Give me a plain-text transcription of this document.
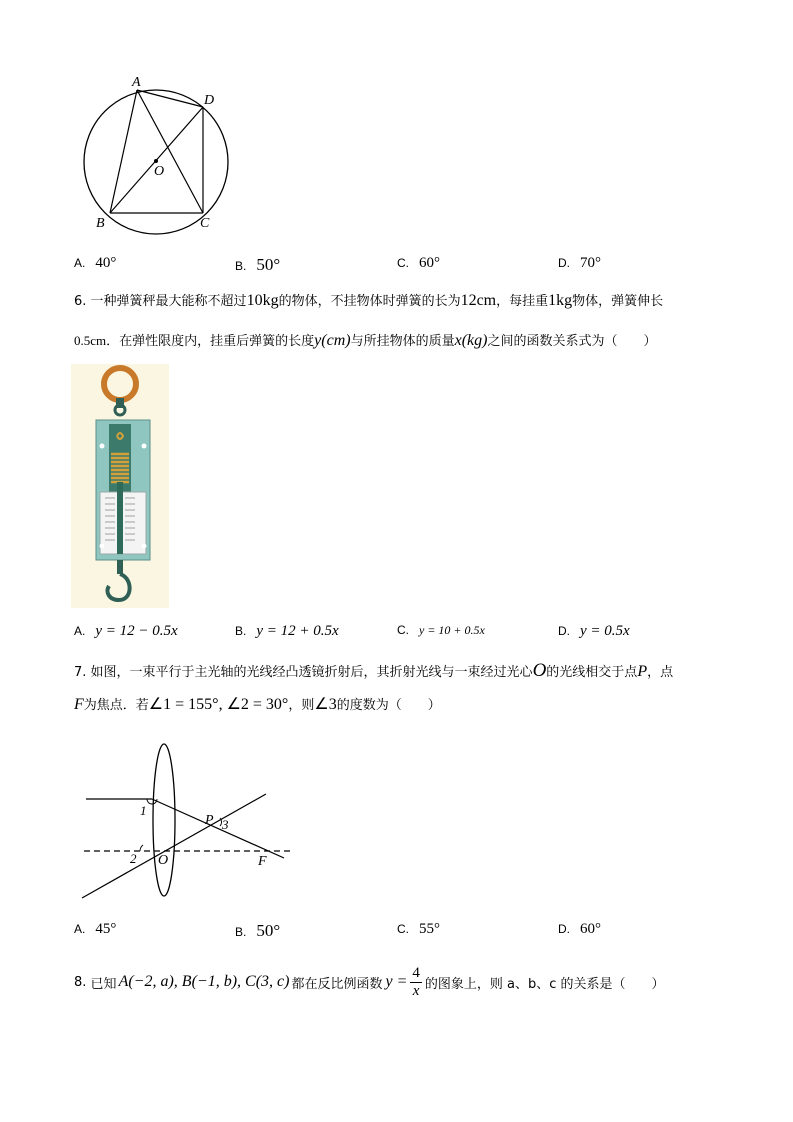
A
D
O
B	C
A. 40°	B. 50°	C. 60°	D. 70°
6. 一种弹簧秤最大能称不超过10kg的物体，不挂物体时弹簧的长为12cm，每挂重1kg物体，弹簧伸长
0.5cm．在弹性限度内，挂重后弹簧的长度y(cm)与所挂物体的质量x(kg)之间的函数关系式为（　　）
A. y = 12 − 0.5x	B. y = 12 + 0.5x	C. y = 10 + 0.5x	D. y = 0.5x
7. 如图，一束平行于主光轴的光线经凸透镜折射后，其折射光线与一束经过光心O的光线相交于点P，点
F为焦点．若∠1 = 155°, ∠2 = 30°，则∠3的度数为（　　）
1
2
3
O
P
F
A. 45°	B. 50°	C. 55°	D. 60°
8.
已知 A(−2, a), B(−1, b), C(3, c) 都在反比例函数 $y = \frac{4}{x}$ 的图象上，则 a、b、c 的关系是（　　）
